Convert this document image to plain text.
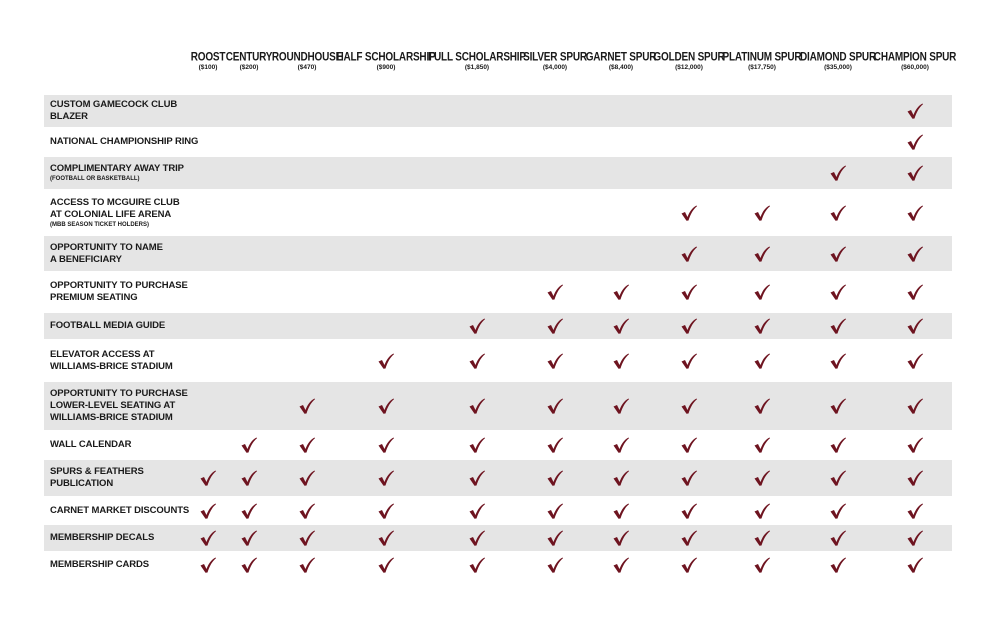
ROOST
($100)
CENTURY
($200)
ROUNDHOUSE
($470)
HALF SCHOLARSHIP
($900)
FULL SCHOLARSHIP
($1,850)
SILVER SPUR
($4,000)
GARNET SPUR
($8,400)
GOLDEN SPUR
($12,000)
PLATINUM SPUR
($17,750)
DIAMOND SPUR
($35,000)
CHAMPION SPUR
($60,000)
CUSTOM GAMECOCK CLUB
BLAZER
NATIONAL CHAMPIONSHIP RING
COMPLIMENTARY AWAY TRIP
(FOOTBALL OR BASKETBALL)
ACCESS TO MCGUIRE CLUB
AT COLONIAL LIFE ARENA
(MBB SEASON TICKET HOLDERS)
OPPORTUNITY TO NAME
A BENEFICIARY
OPPORTUNITY TO PURCHASE
PREMIUM SEATING
FOOTBALL MEDIA GUIDE
ELEVATOR ACCESS AT
WILLIAMS-BRICE STADIUM
OPPORTUNITY TO PURCHASE
LOWER-LEVEL SEATING AT
WILLIAMS-BRICE STADIUM
WALL CALENDAR
SPURS & FEATHERS
PUBLICATION
CARNET MARKET DISCOUNTS
MEMBERSHIP DECALS
MEMBERSHIP CARDS
